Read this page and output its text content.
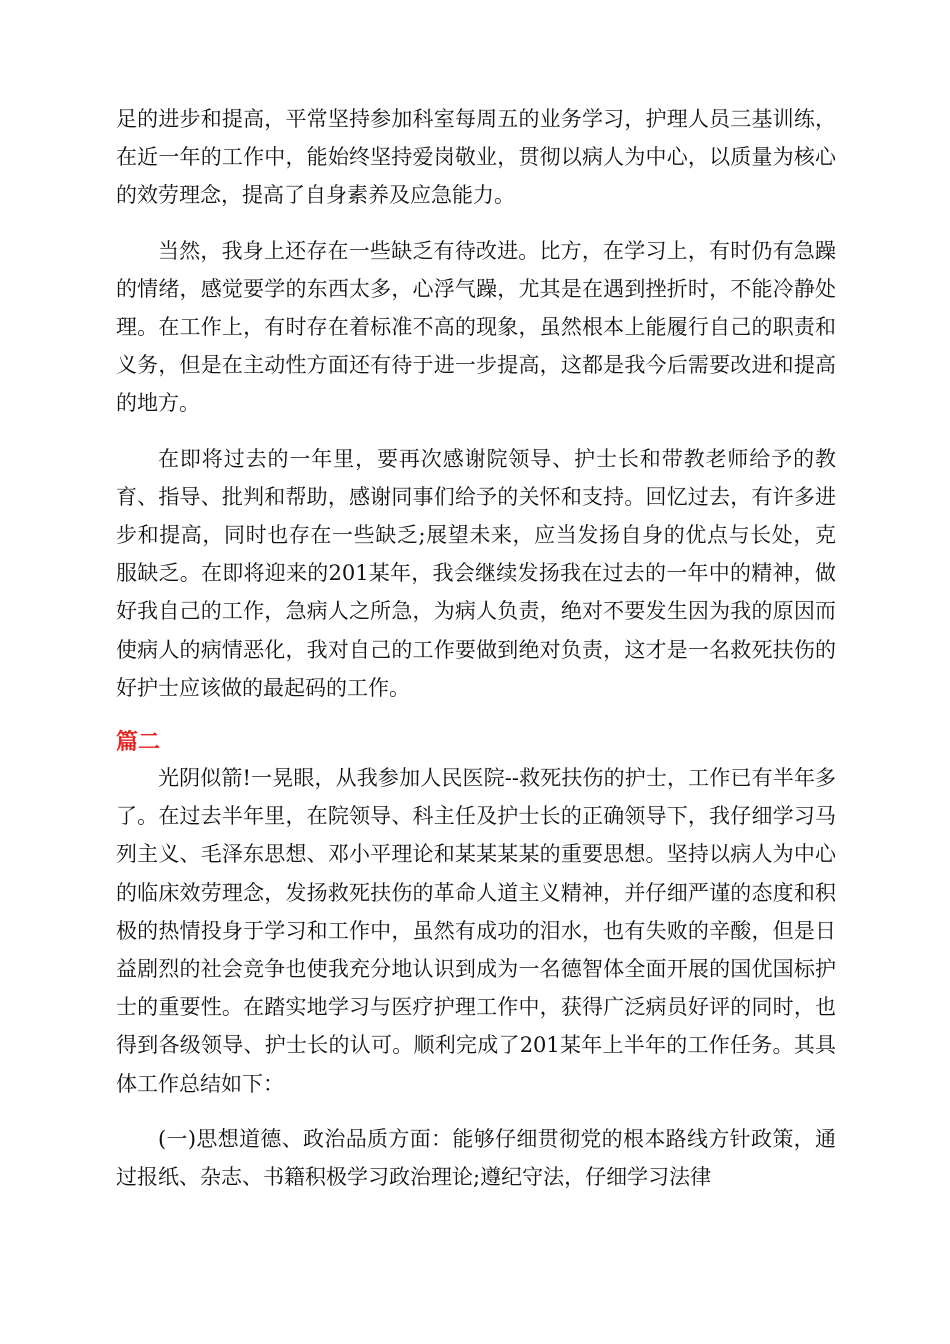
足的进步和提高，平常坚持参加科室每周五的业务学习，护理人员三基训练，在近一年的工作中，能始终坚持爱岗敬业，贯彻以病人为中心，以质量为核心的效劳理念，提高了自身素养及应急能力。

当然，我身上还存在一些缺乏有待改进。比方，在学习上，有时仍有急躁的情绪，感觉要学的东西太多，心浮气躁，尤其是在遇到挫折时，不能冷静处理。在工作上，有时存在着标准不高的现象，虽然根本上能履行自己的职责和义务，但是在主动性方面还有待于进一步提高，这都是我今后需要改进和提高的地方。

在即将过去的一年里，要再次感谢院领导、护士长和带教老师给予的教育、指导、批判和帮助，感谢同事们给予的关怀和支持。回忆过去，有许多进步和提高，同时也存在一些缺乏;展望未来，应当发扬自身的优点与长处，克服缺乏。在即将迎来的201某年，我会继续发扬我在过去的一年中的精神，做好我自己的工作，急病人之所急，为病人负责，绝对不要发生因为我的原因而使病人的病情恶化，我对自己的工作要做到绝对负责，这才是一名救死扶伤的好护士应该做的最起码的工作。

篇二

光阴似箭!一晃眼，从我参加人民医院--救死扶伤的护士，工作已有半年多了。在过去半年里，在院领导、科主任及护士长的正确领导下，我仔细学习马列主义、毛泽东思想、邓小平理论和某某某某的重要思想。坚持以病人为中心的临床效劳理念，发扬救死扶伤的革命人道主义精神，并仔细严谨的态度和积极的热情投身于学习和工作中，虽然有成功的泪水，也有失败的辛酸，但是日益剧烈的社会竞争也使我充分地认识到成为一名德智体全面开展的国优国标护士的重要性。在踏实地学习与医疗护理工作中，获得广泛病员好评的同时，也得到各级领导、护士长的认可。顺利完成了201某年上半年的工作任务。其具体工作总结如下：

(一)思想道德、政治品质方面：能够仔细贯彻党的根本路线方针政策，通过报纸、杂志、书籍积极学习政治理论;遵纪守法，仔细学习法律
